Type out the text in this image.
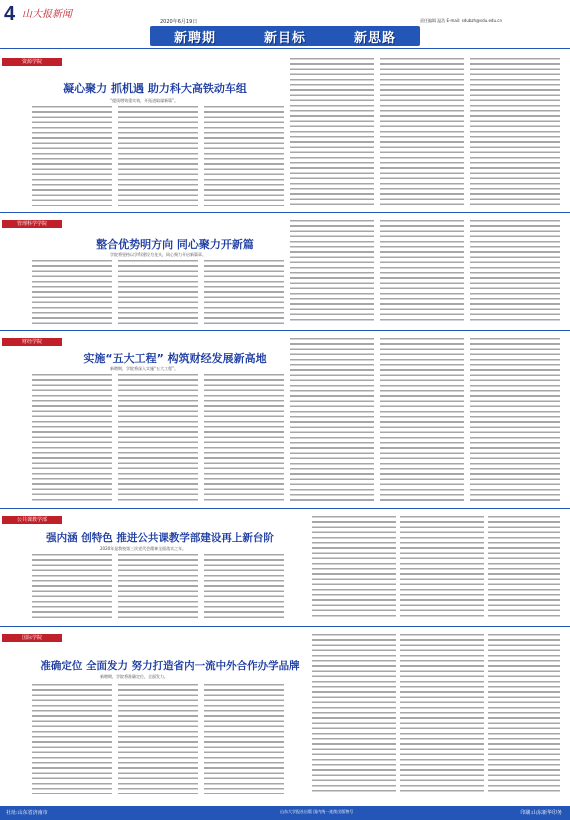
4 山大报新闻
2020年6月19日
新聘期	新目标	新思路
责任编辑 温浩 E-mail: sdubzh@sdu.edu.cn
资源学院
凝心聚力 抓机遇 助力科大高铁动车组
“提质增效重实效，开拓进取谋新篇”。
管理科学学院
整合优势明方向 同心聚力开新篇
学院将坚持以学科建设为龙头，同心聚力开启新篇章。
财经学院
实施“五大工程” 构筑财经发展新高地
新聘期，学院将深入实施“五大工程”。
公共课教学部
强内涵 创特色 推进公共课教学部建设再上新台阶
2020年是我校第三次党代会精神全面落实之年。
国际学院
准确定位 全面发力 努力打造省内一流中外合作办学品牌
新聘期，学院将准确定位，全面发力。
社址:山东省济南市	山东大学报社出版 国内统一连续出版物号	印刷:山东新华印务
